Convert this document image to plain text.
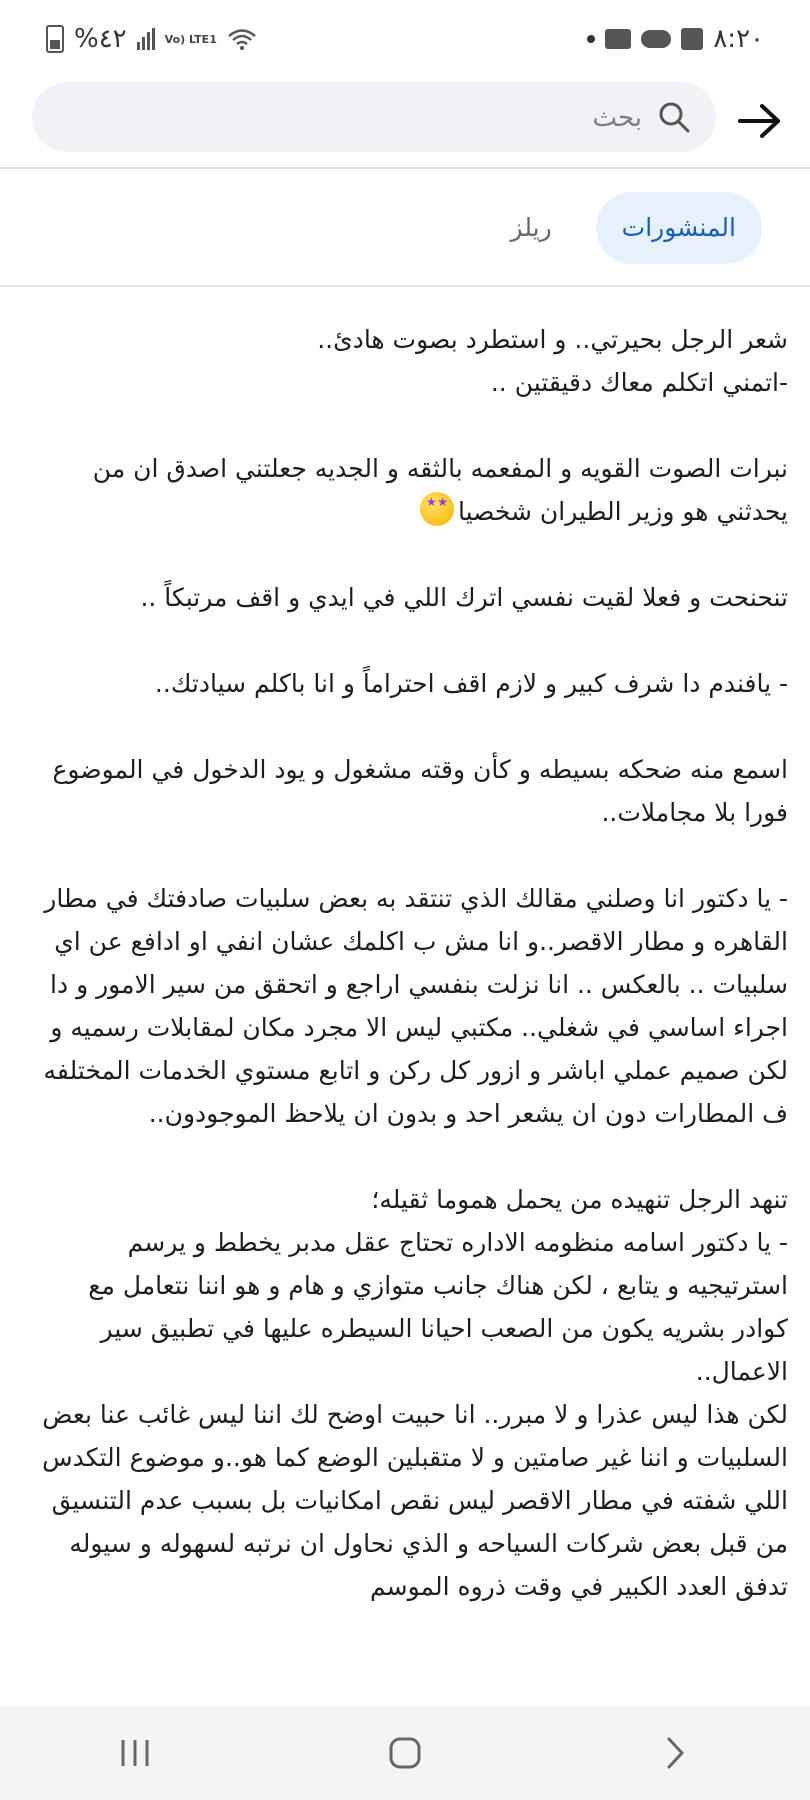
%٤٢	Vo) LTE1	٨:٢٠
بحث
المنشورات
ريلز

شعر الرجل بحيرتي.. و استطرد بصوت هادئ..

-اتمني اتكلم معاك دقيقتين ..

نبرات الصوت القويه و المفعمه بالثقه و الجديه جعلتني اصدق ان من يحدثني هو وزير الطيران شخصيا★ ★

تنحنحت و فعلا لقيت نفسي اترك اللي في ايدي و اقف مرتبكاً ..

- يافندم دا شرف كبير و لازم اقف احتراماً و انا باكلم سيادتك..

اسمع منه ضحكه بسيطه و كأن وقته مشغول و يود الدخول في الموضوع فورا بلا مجاملات..

- يا دكتور انا وصلني مقالك الذي تنتقد به بعض سلبيات صادفتك في مطار القاهره و مطار الاقصر..و انا مش ب اكلمك عشان انفي او ادافع عن اي سلبيات .. بالعكس .. انا نزلت بنفسي اراجع و اتحقق من سير الامور و دا اجراء اساسي في شغلي.. مكتبي ليس الا مجرد مكان لمقابلات رسميه و لكن صميم عملي اباشر و ازور كل ركن و اتابع مستوي الخدمات المختلفه ف المطارات دون ان يشعر احد و بدون ان يلاحظ الموجودون..

تنهد الرجل تنهيده من يحمل هموما ثقيله؛

- يا دكتور اسامه منظومه الاداره تحتاج عقل مدبر يخطط و يرسم استرتيجيه و يتابع ، لكن هناك جانب متوازي و هام و هو اننا نتعامل مع كوادر بشريه يكون من الصعب احيانا السيطره عليها في تطبيق سير الاعمال..

لكن هذا ليس عذرا و لا مبرر.. انا حبيت اوضح لك اننا ليس غائب عنا بعض السلبيات و اننا غير صامتين و لا متقبلين الوضع كما هو..و موضوع التكدس اللي شفته في مطار الاقصر ليس نقص امكانيات بل بسبب عدم التنسيق من قبل بعض شركات السياحه و الذي نحاول ان نرتبه لسهوله و سيوله تدفق العدد الكبير في وقت ذروه الموسم
